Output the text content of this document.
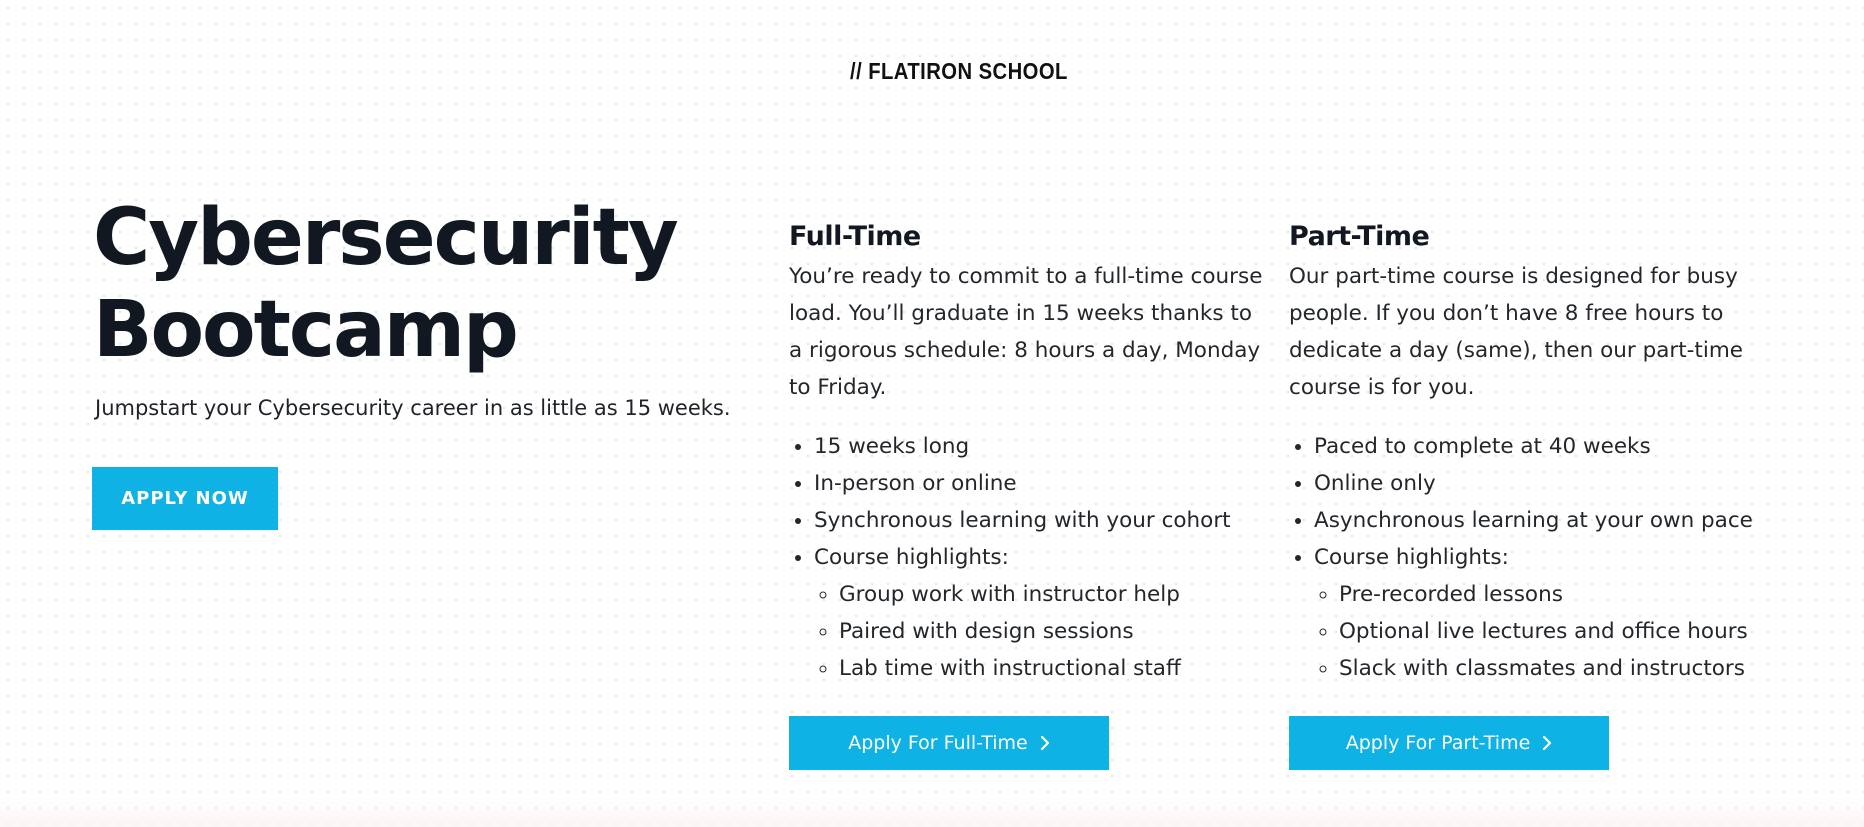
// FLATIRON SCHOOL
Cybersecurity
Bootcamp
Jumpstart your Cybersecurity career in as little as 15 weeks.
APPLY NOW
Full-Time

You’re ready to commit to a full-time course load. You’ll graduate in 15 weeks thanks to a rigorous schedule: 8 hours a day, Monday to Friday.

• 15 weeks long
• In-person or online
• Synchronous learning with your cohort
• Course highlights:
◦ Group work with instructor help
◦ Paired with design sessions
◦ Lab time with instructional staff
Part-Time

Our part-time course is designed for busy people. If you don’t have 8 free hours to dedicate a day (same), then our part-time course is for you.

• Paced to complete at 40 weeks
• Online only
• Asynchronous learning at your own pace
• Course highlights:
◦ Pre-recorded lessons
◦ Optional live lectures and office hours
◦ Slack with classmates and instructors
Apply For Full-Time	Apply For Part-Time
